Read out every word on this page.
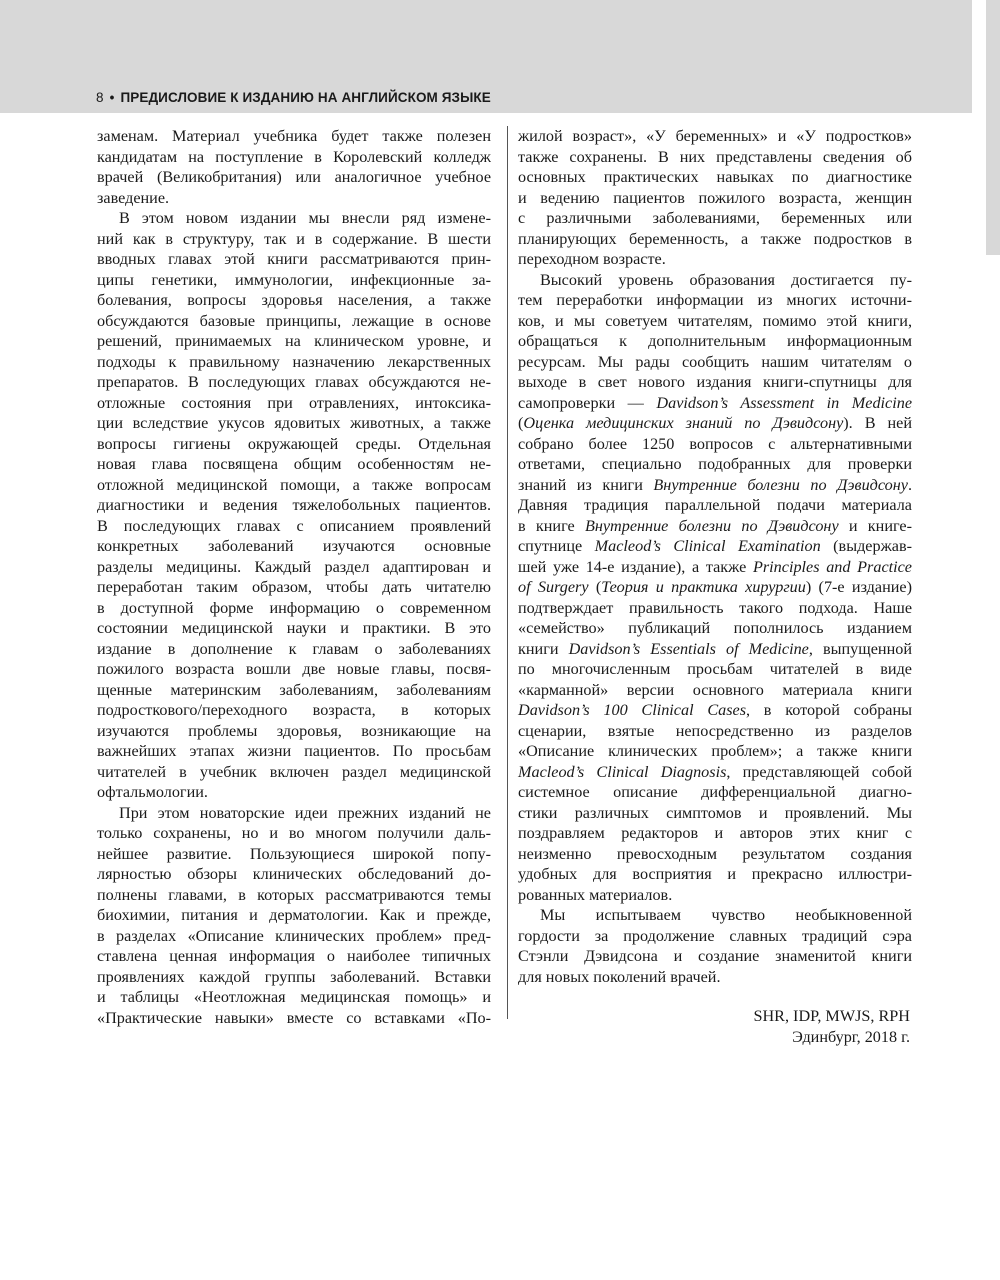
8 • ПРЕДИСЛОВИЕ К ИЗДАНИЮ НА АНГЛИЙСКОМ ЯЗЫКЕ
заменам. Материал учебника будет также полезен
кандидатам на поступление в Королевский колледж
врачей (Великобритания) или аналогичное учебное
заведение.
В этом новом издании мы внесли ряд измене-
ний как в структуру, так и в содержание. В шести
вводных главах этой книги рассматриваются прин-
ципы генетики, иммунологии, инфекционные за-
болевания, вопросы здоровья населения, а также
обсуждаются базовые принципы, лежащие в основе
решений, принимаемых на клиническом уровне, и
подходы к правильному назначению лекарственных
препаратов. В последующих главах обсуждаются не-
отложные состояния при отравлениях, интоксика-
ции вследствие укусов ядовитых животных, а также
вопросы гигиены окружающей среды. Отдельная
новая глава посвящена общим особенностям не-
отложной медицинской помощи, а также вопросам
диагностики и ведения тяжелобольных пациентов.
В последующих главах с описанием проявлений
конкретных заболеваний изучаются основные
разделы медицины. Каждый раздел адаптирован и
переработан таким образом, чтобы дать читателю
в доступной форме информацию о современном
состоянии медицинской науки и практики. В это
издание в дополнение к главам о заболеваниях
пожилого возраста вошли две новые главы, посвя-
щенные материнским заболеваниям, заболеваниям
подросткового/переходного возраста, в которых
изучаются проблемы здоровья, возникающие на
важнейших этапах жизни пациентов. По просьбам
читателей в учебник включен раздел медицинской
офтальмологии.
При этом новаторские идеи прежних изданий не
только сохранены, но и во многом получили даль-
нейшее развитие. Пользующиеся широкой попу-
лярностью обзоры клинических обследований до-
полнены главами, в которых рассматриваются темы
биохимии, питания и дерматологии. Как и прежде,
в разделах «Описание клинических проблем» пред-
ставлена ценная информация о наиболее типичных
проявлениях каждой группы заболеваний. Вставки
и таблицы «Неотложная медицинская помощь» и
«Практические навыки» вместе со вставками «По-
жилой возраст», «У беременных» и «У подростков»
также сохранены. В них представлены сведения об
основных практических навыках по диагностике
и ведению пациентов пожилого возраста, женщин
с различными заболеваниями, беременных или
планирующих беременность, а также подростков в
переходном возрасте.
Высокий уровень образования достигается пу-
тем переработки информации из многих источни-
ков, и мы советуем читателям, помимо этой книги,
обращаться к дополнительным информационным
ресурсам. Мы рады сообщить нашим читателям о
выходе в свет нового издания книги-спутницы для
самопроверки — Davidson’s Assessment in Medicine
(Оценка медицинских знаний по Дэвидсону). В ней
собрано более 1250 вопросов с альтернативными
ответами, специально подобранных для проверки
знаний из книги Внутренние болезни по Дэвидсону.
Давняя традиция параллельной подачи материала
в книге Внутренние болезни по Дэвидсону и книге-
спутнице Macleod’s Clinical Examination (выдержав-
шей уже 14-е издание), а также Principles and Practice
of Surgery (Теория и практика хирургии) (7-е издание)
подтверждает правильность такого подхода. Наше
«семейство» публикаций пополнилось изданием
книги Davidson’s Essentials of Medicine, выпущенной
по многочисленным просьбам читателей в виде
«карманной» версии основного материала книги
Davidson’s 100 Clinical Cases, в которой собраны
сценарии, взятые непосредственно из разделов
«Описание клинических проблем»; а также книги
Macleod’s Clinical Diagnosis, представляющей собой
системное описание дифференциальной диагно-
стики различных симптомов и проявлений. Мы
поздравляем редакторов и авторов этих книг с
неизменно превосходным результатом создания
удобных для восприятия и прекрасно иллюстри-
рованных материалов.
Мы испытываем чувство необыкновенной
гордости за продолжение славных традиций сэра
Стэнли Дэвидсона и создание знаменитой книги
для новых поколений врачей.
SHR, IDP, MWJS, RPH
Эдинбург, 2018 г.
